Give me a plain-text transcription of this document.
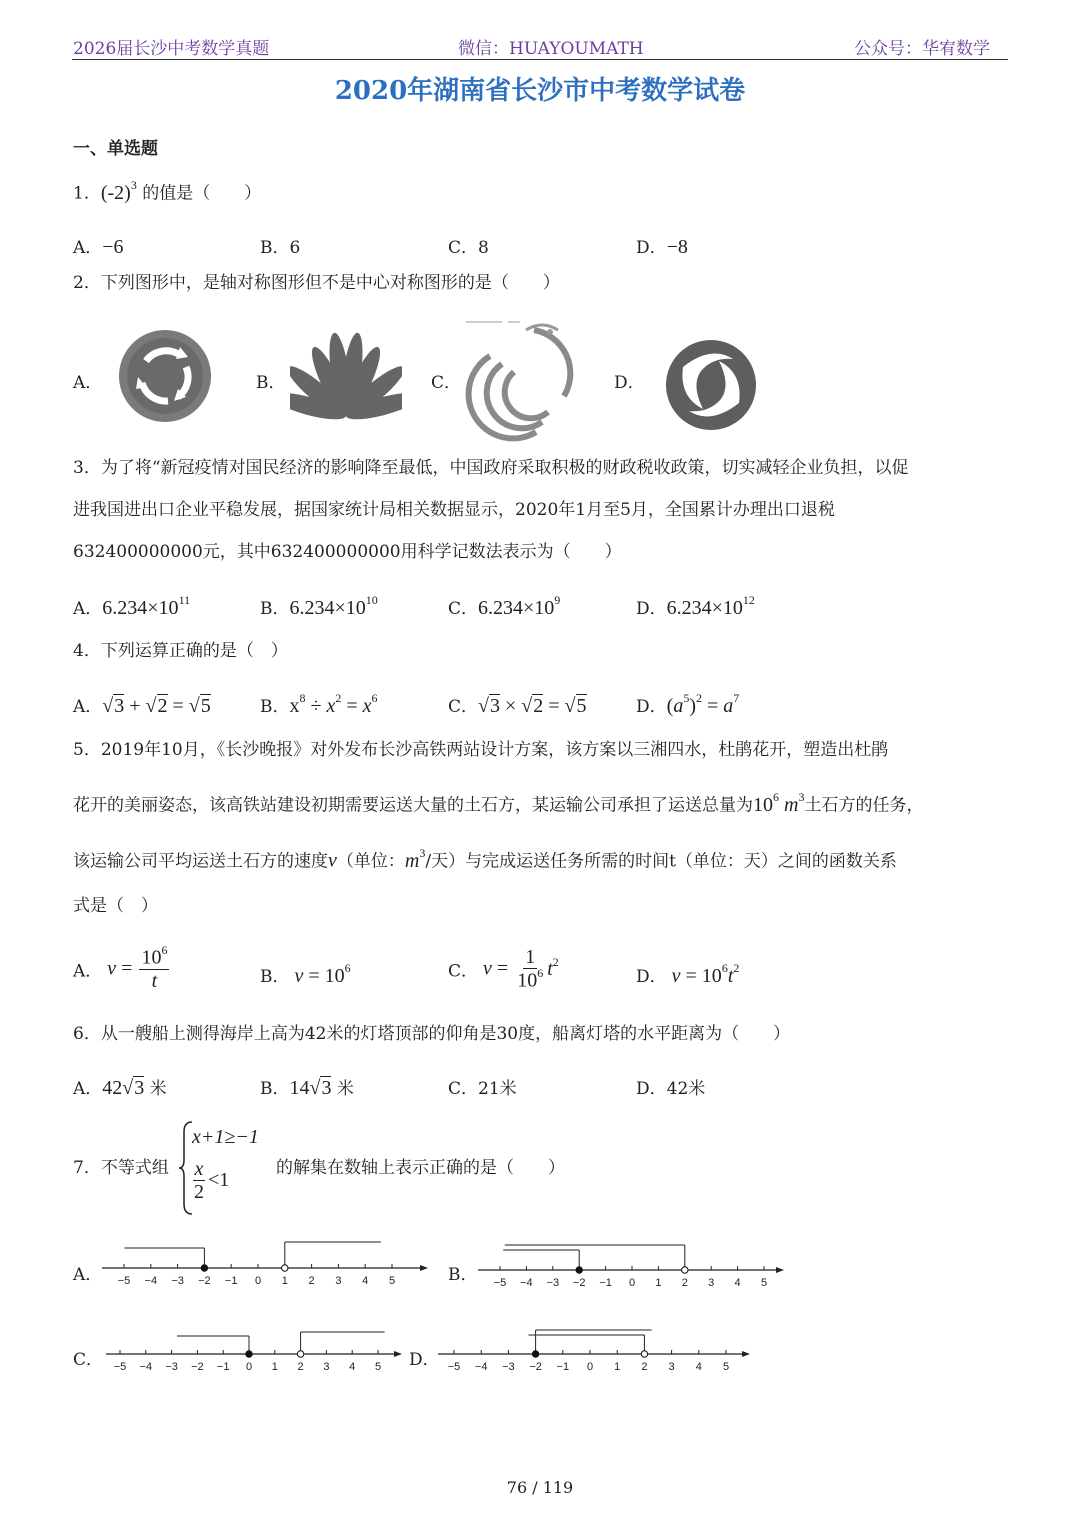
2026届长沙中考数学真题	微信：HUAYOUMATH	公众号：华宥数学
2020年湖南省长沙市中考数学试卷
一、单选题
1．$(-2)^3$ 的值是（　　）
A．−6	B．6	C．8	D．−8
2．下列图形中，是轴对称图形但不是中心对称图形的是（　　）
A．	B．	C．	D．
3．为了将“新冠疫情对国民经济的影响降至最低，中国政府采取积极的财政税收政策，切实减轻企业负担，以促
进我国进出口企业平稳发展，据国家统计局相关数据显示，2020年1月至5月，全国累计办理出口退税
632400000000元，其中632400000000用科学记数法表示为（　　）
A．$6.234\times 10^{11}$	B．$6.234\times 10^{10}$	C．$6.234\times 10^9$	D．$6.234\times 10^{12}$
4．下列运算正确的是（　）
A．√3 + √2 = √5	B．$x^8 \div x^2 = x^6$	C．√3 × √2 = √5	D．$(a^5)^2 = a^7$
5．2019年10月，《长沙晚报》对外发布长沙高铁两站设计方案，该方案以三湘四水，杜鹃花开，塑造出杜鹃
花开的美丽姿态，该高铁站建设初期需要运送大量的土石方，某运输公司承担了运送总量为$10^6$ $m^3$土石方的任务，
该运输公司平均运送土石方的速度v（单位：$m^3/$天）与完成运送任务所需的时间t（单位：天）之间的函数关系
式是（　）
A． $v = \frac{10^6}{t}$	B． $v = 10^6$	C． $v = \frac{1}{10^6} t^2$
D． $v = 10^6t^2$
6．从一艘船上测得海岸上高为42米的灯塔顶部的仰角是30度，船离灯塔的水平距离为（　　）
A．42√3 米	B．14√3 米	C．21米	D．42米
7．不等式组
x+1≥−1
$\frac{x}{2} <1$
的解集在数轴上表示正确的是（　　）
A．	B．
C．	D．
−5 −4 −3 −2 −1 0 1 2 3 4 5	−5 −4 −3 −2 −1 0 1 2 3 4 5
−5 −4 −3 −2 −1 0 1 2 3 4 5	−5 −4 −3 −2 −1 0 1 2 3 4 5
76 / 119
